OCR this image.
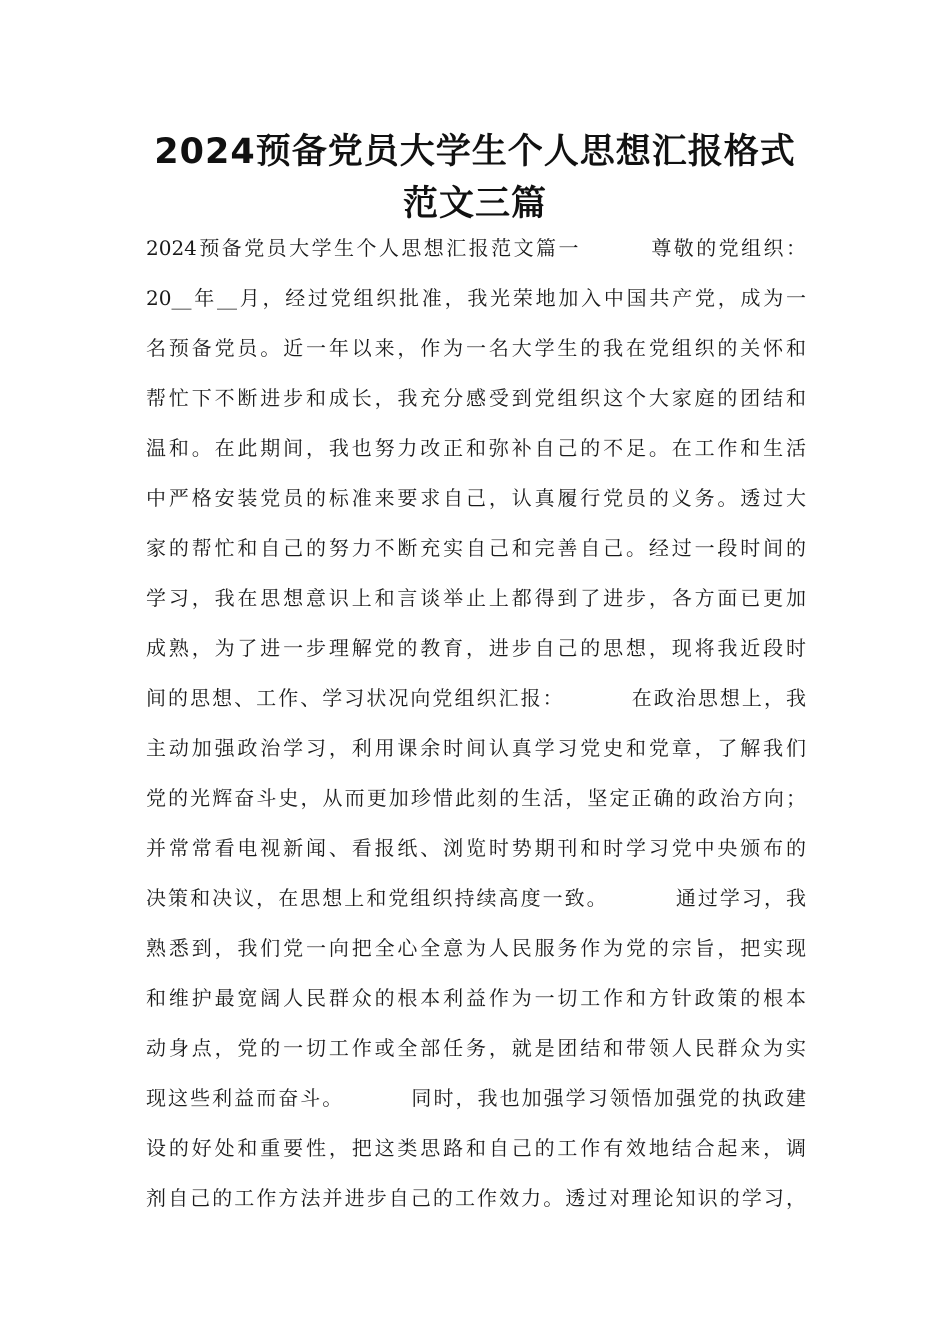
2024预备党员大学生个人思想汇报格式
范文三篇
2024预备党员大学生个人思想汇报范文篇一        尊敬的党组织：
20__年__月，经过党组织批准，我光荣地加入中国共产党，成为一
名预备党员。近一年以来，作为一名大学生的我在党组织的关怀和
帮忙下不断进步和成长，我充分感受到党组织这个大家庭的团结和
温和。在此期间，我也努力改正和弥补自己的不足。在工作和生活
中严格安装党员的标准来要求自己，认真履行党员的义务。透过大
家的帮忙和自己的努力不断充实自己和完善自己。经过一段时间的
学习，我在思想意识上和言谈举止上都得到了进步，各方面已更加
成熟，为了进一步理解党的教育，进步自己的思想，现将我近段时
间的思想、工作、学习状况向党组织汇报：        在政治思想上，我
主动加强政治学习，利用课余时间认真学习党史和党章，了解我们
党的光辉奋斗史，从而更加珍惜此刻的生活，坚定正确的政治方向；
并常常看电视新闻、看报纸、浏览时势期刊和时学习党中央颁布的
决策和决议，在思想上和党组织持续高度一致。        通过学习，我
熟悉到，我们党一向把全心全意为人民服务作为党的宗旨，把实现
和维护最宽阔人民群众的根本利益作为一切工作和方针政策的根本
动身点，党的一切工作或全部任务，就是团结和带领人民群众为实
现这些利益而奋斗。        同时，我也加强学习领悟加强党的执政建
设的好处和重要性，把这类思路和自己的工作有效地结合起来，调
剂自己的工作方法并进步自己的工作效力。透过对理论知识的学习，
